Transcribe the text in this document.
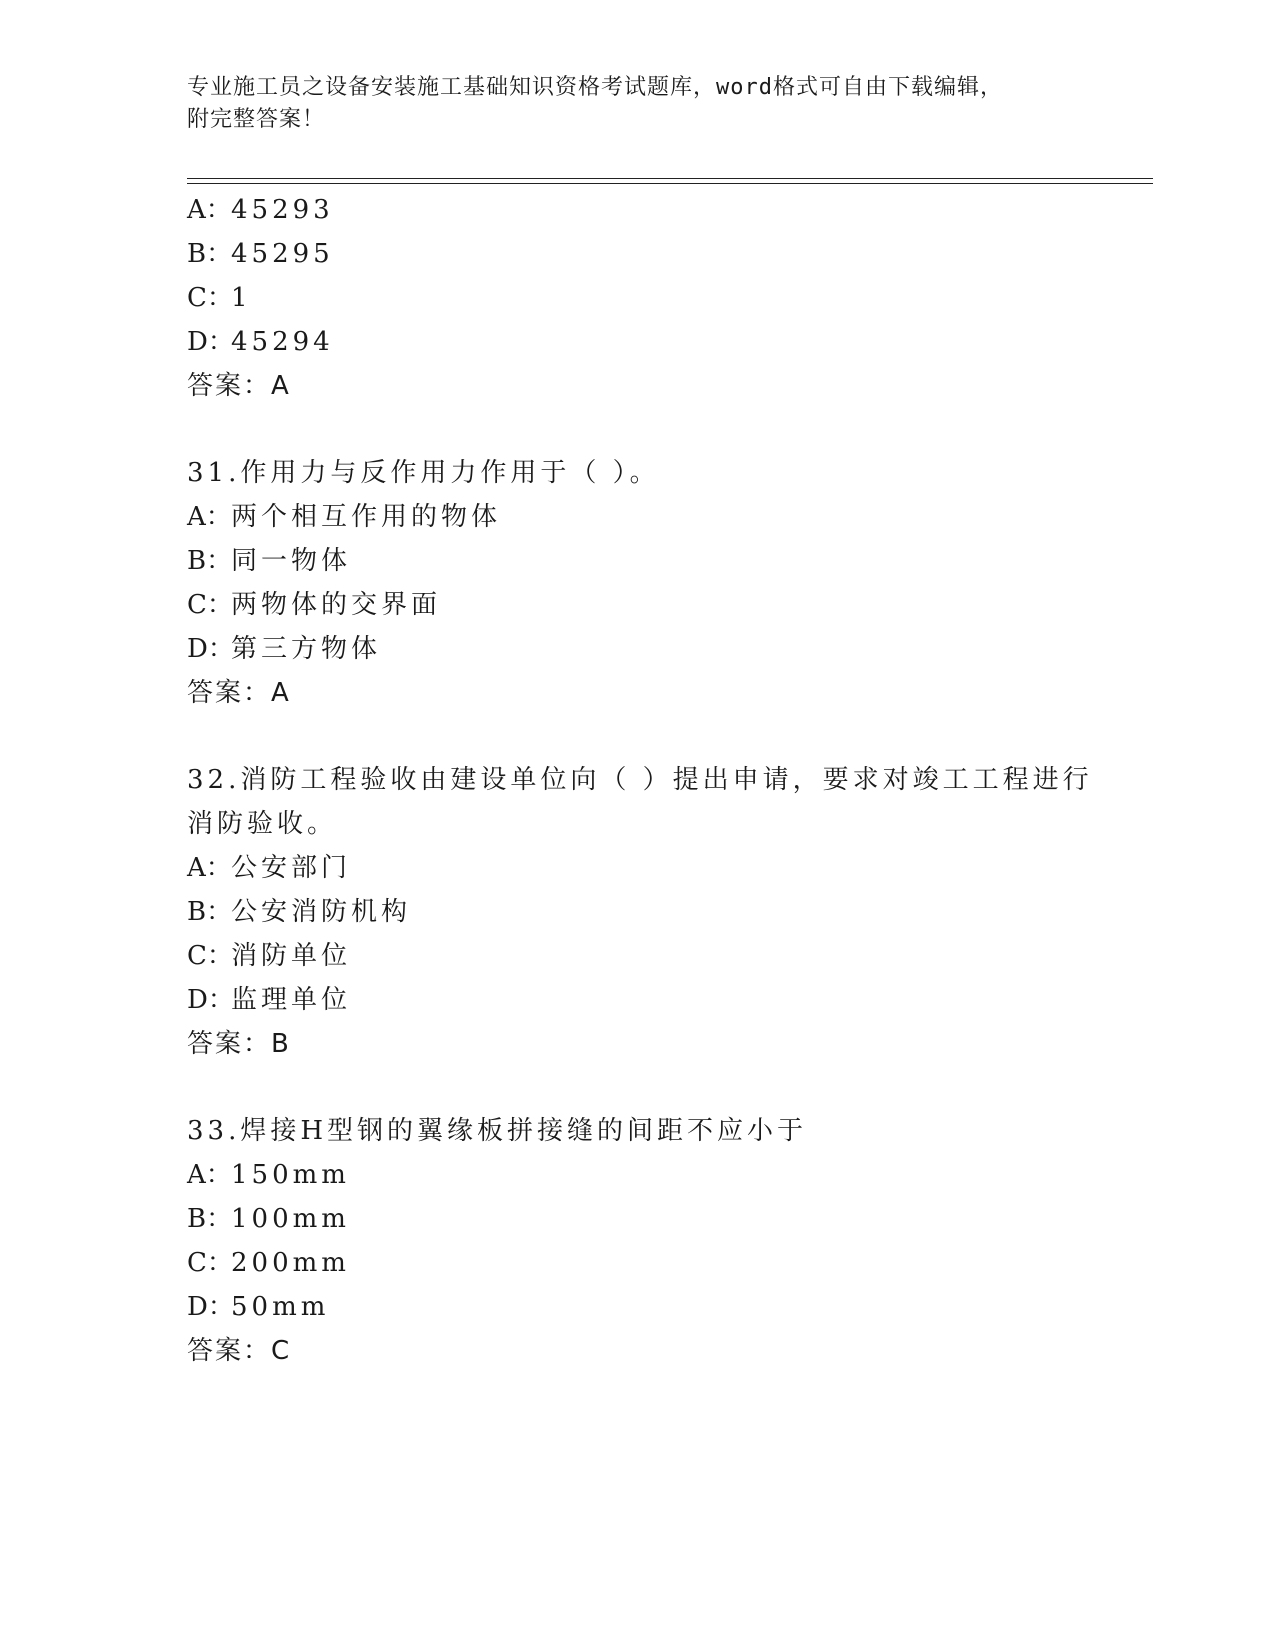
专业施工员之设备安装施工基础知识资格考试题库，word格式可自由下载编辑，
附完整答案！
A：45293
B：45295
C：1
D：45294
答案：A
31.作用力与反作用力作用于（ ）。
A：两个相互作用的物体
B：同一物体
C：两物体的交界面
D：第三方物体
答案：A
32.消防工程验收由建设单位向（ ）提出申请，要求对竣工工程进行
消防验收。
A：公安部门
B：公安消防机构
C：消防单位
D：监理单位
答案：B
33.焊接H型钢的翼缘板拼接缝的间距不应小于
A：150mm
B：100mm
C：200mm
D：50mm
答案：C
